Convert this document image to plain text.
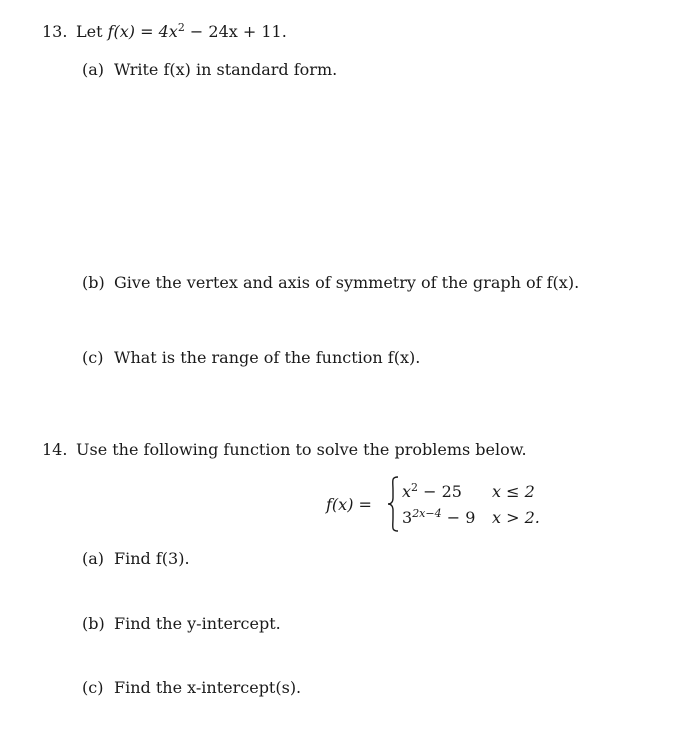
13. Let $f(x) = 4x^2 - 24x + 11$.
(a) Write f(x) in standard form.
(b) Give the vertex and axis of symmetry of the graph of f(x).
(c) What is the range of the function f(x).
14. Use the following function to solve the problems below.
f(x) =
$x^2 - 25$ x ≤ 2
$3^{2x-4} - 9$ x > 2.
(a) Find f(3).
(b) Find the y-intercept.
(c) Find the x-intercept(s).
